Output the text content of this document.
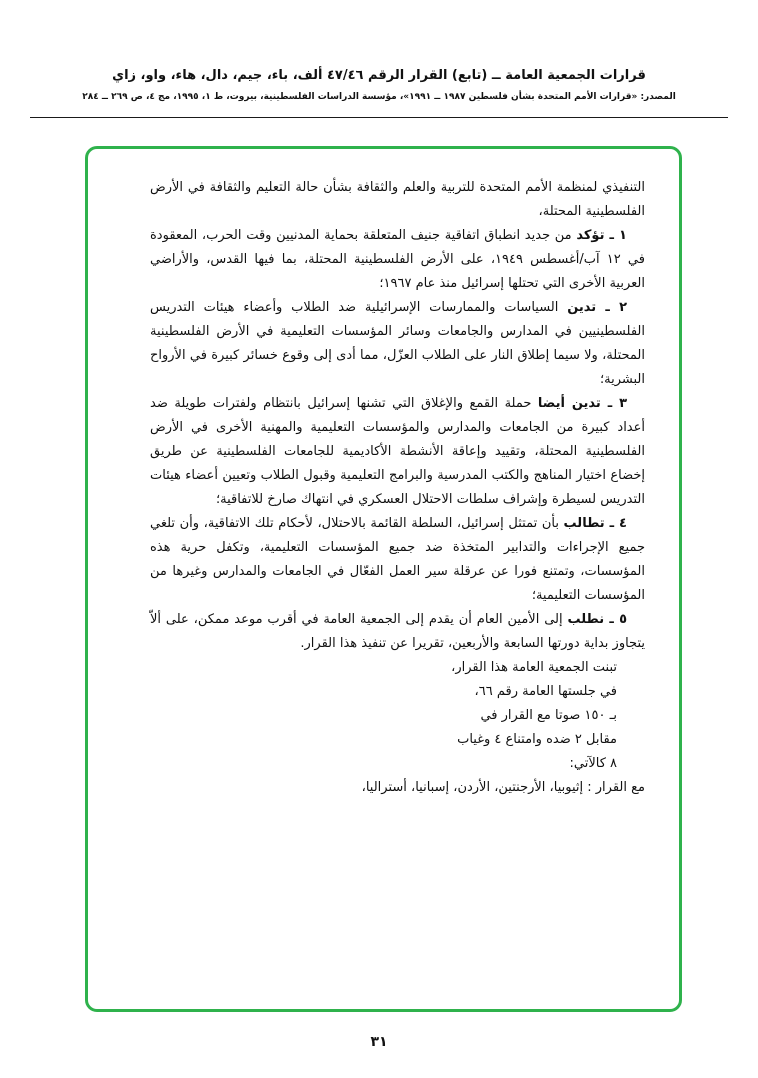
قرارات الجمعية العامة ــ (تابع) القرار الرقم ٤٧/٤٦ ألف، باء، جيم، دال، هاء، واو، زاي
المصدر: «قرارات الأمم المتحدة بشأن فلسطين ١٩٨٧ ــ ١٩٩١»، مؤسسة الدراسات الفلسطينية، بيروت، ط ١، ١٩٩٥، مج ٤، ص ٢٦٩ ــ ٢٨٤

التنفيذي لمنظمة الأمم المتحدة للتربية والعلم والثقافة بشأن حالة التعليم والثقافة في الأرض الفلسطينية المحتلة،

١ ـ تؤكد من جديد انطباق اتفاقية جنيف المتعلقة بحماية المدنيين وقت الحرب، المعقودة في ١٢ آب/أغسطس ١٩٤٩، على الأرض الفلسطينية المحتلة، بما فيها القدس، والأراضي العربية الأخرى التي تحتلها إسرائيل منذ عام ١٩٦٧؛

٢ ـ تدين السياسات والممارسات الإسرائيلية ضد الطلاب وأعضاء هيئات التدريس الفلسطينيين في المدارس والجامعات وسائر المؤسسات التعليمية في الأرض الفلسطينية المحتلة، ولا سيما إطلاق النار على الطلاب العزّل، مما أدى إلى وقوع خسائر كبيرة في الأرواح البشرية؛

٣ ـ تدين أيضا حملة القمع والإغلاق التي تشنها إسرائيل بانتظام ولفترات طويلة ضد أعداد كبيرة من الجامعات والمدارس والمؤسسات التعليمية والمهنية الأخرى في الأرض الفلسطينية المحتلة، وتقييد وإعاقة الأنشطة الأكاديمية للجامعات الفلسطينية عن طريق إخضاع اختيار المناهج والكتب المدرسية والبرامج التعليمية وقبول الطلاب وتعيين أعضاء هيئات التدريس لسيطرة وإشراف سلطات الاحتلال العسكري في انتهاك صارخ للاتفاقية؛

٤ ـ تطالب بأن تمتثل إسرائيل، السلطة القائمة بالاحتلال، لأحكام تلك الاتفاقية، وأن تلغي جميع الإجراءات والتدابير المتخذة ضد جميع المؤسسات التعليمية، وتكفل حرية هذه المؤسسات، وتمتنع فورا عن عرقلة سير العمل الفعّال في الجامعات والمدارس وغيرها من المؤسسات التعليمية؛

٥ ـ نطلب إلى الأمين العام أن يقدم إلى الجمعية العامة في أقرب موعد ممكن، على ألاّ يتجاوز بداية دورتها السابعة والأربعين، تقريرا عن تنفيذ هذا القرار.

تبنت الجمعية العامة هذا القرار،
في جلستها العامة رقم ٦٦،
بـ ١٥٠ صوتا مع القرار في
مقابل ٢ ضده وامتناع ٤ وغياب
٨ كالآتي:

مع القرار : إثيوبيا، الأرجنتين، الأردن، إسبانيا، أستراليا،

٣١
